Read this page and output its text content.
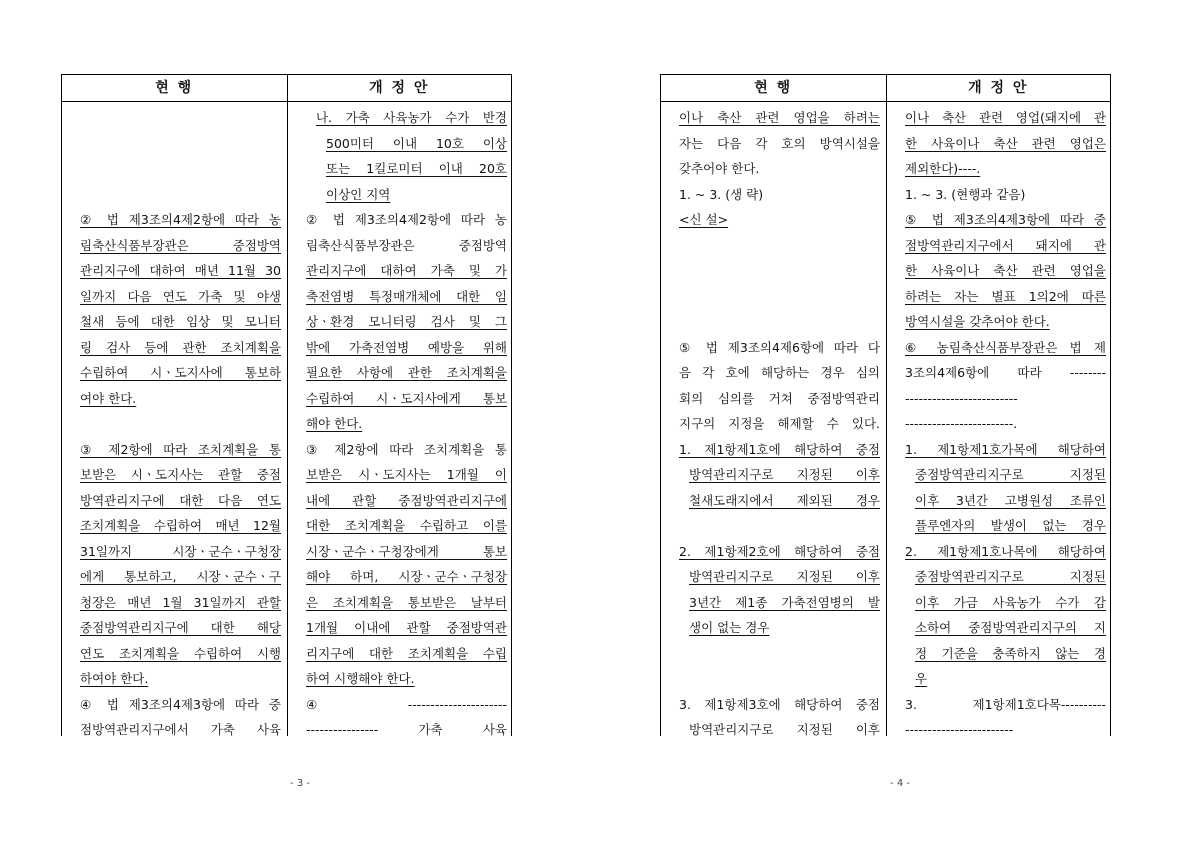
현 행	개 정 안
② 법 제3조의4제2항에 따라 농
림축산식품부장관은 중점방역
관리지구에 대하여 매년 11월 30
일까지 다음 연도 가축 및 야생
철새 등에 대한 임상 및 모니터
링 검사 등에 관한 조치계획을
수립하여 시ㆍ도지사에 통보하
여야 한다.
③ 제2항에 따라 조치계획을 통
보받은 시ㆍ도지사는 관할 중점
방역관리지구에 대한 다음 연도
조치계획을 수립하여 매년 12월
31일까지 시장ㆍ군수ㆍ구청장
에게 통보하고, 시장ㆍ군수ㆍ구
청장은 매년 1월 31일까지 관할
중점방역관리지구에 대한 해당
연도 조치계획을 수립하여 시행
하여야 한다.
④ 법 제3조의4제3항에 따라 중
점방역관리지구에서 가축 사육
나. 가축 사육농가 수가 반경
500미터 이내 10호 이상
또는 1킬로미터 이내 20호
이상인 지역
② 법 제3조의4제2항에 따라 농
림축산식품부장관은 중점방역
관리지구에 대하여 가축 및 가
축전염병 특정매개체에 대한 임
상ㆍ환경 모니터링 검사 및 그
밖에 가축전염병 예방을 위해
필요한 사항에 관한 조치계획을
수립하여 시ㆍ도지사에게 통보
해야 한다.
③ 제2항에 따라 조치계획을 통
보받은 시ㆍ도지사는 1개월 이
내에 관할 중점방역관리지구에
대한 조치계획을 수립하고 이를
시장ㆍ군수ㆍ구청장에게 통보
해야 하며, 시장ㆍ군수ㆍ구청장
은 조치계획을 통보받은 날부터
1개월 이내에 관할 중점방역관
리지구에 대한 조치계획을 수립
하여 시행해야 한다.
④ ----------------------
---------------- 가축 사육
- 3 -
현 행	개 정 안
이나 축산 관련 영업을 하려는
자는 다음 각 호의 방역시설을
갖추어야 한다.
1. ~ 3. (생 략)
<신 설>
⑤ 법 제3조의4제6항에 따라 다
음 각 호에 해당하는 경우 심의
회의 심의를 거쳐 중점방역관리
지구의 지정을 해제할 수 있다.
1. 제1항제1호에 해당하여 중점
방역관리지구로 지정된 이후
철새도래지에서 제외된 경우
2. 제1항제2호에 해당하여 중점
방역관리지구로 지정된 이후
3년간 제1종 가축전염병의 발
생이 없는 경우
3. 제1항제3호에 해당하여 중점
방역관리지구로 지정된 이후
이나 축산 관련 영업(돼지에 관
한 사육이나 축산 관련 영업은
제외한다)----.
1. ~ 3. (현행과 같음)
⑤ 법 제3조의4제3항에 따라 중
점방역관리지구에서 돼지에 관
한 사육이나 축산 관련 영업을
하려는 자는 별표 1의2에 따른
방역시설을 갖추어야 한다.
⑥ 농림축산식품부장관은 법 제
3조의4제6항에 따라 --------
-------------------------
------------------------.
1. 제1항제1호가목에 해당하여
중점방역관리지구로 지정된
이후 3년간 고병원성 조류인
플루엔자의 발생이 없는 경우
2. 제1항제1호나목에 해당하여
중점방역관리지구로 지정된
이후 가금 사육농가 수가 감
소하여 중점방역관리지구의 지
정 기준을 충족하지 않는 경
우
3. 제1항제1호다목----------
------------------------
- 4 -
